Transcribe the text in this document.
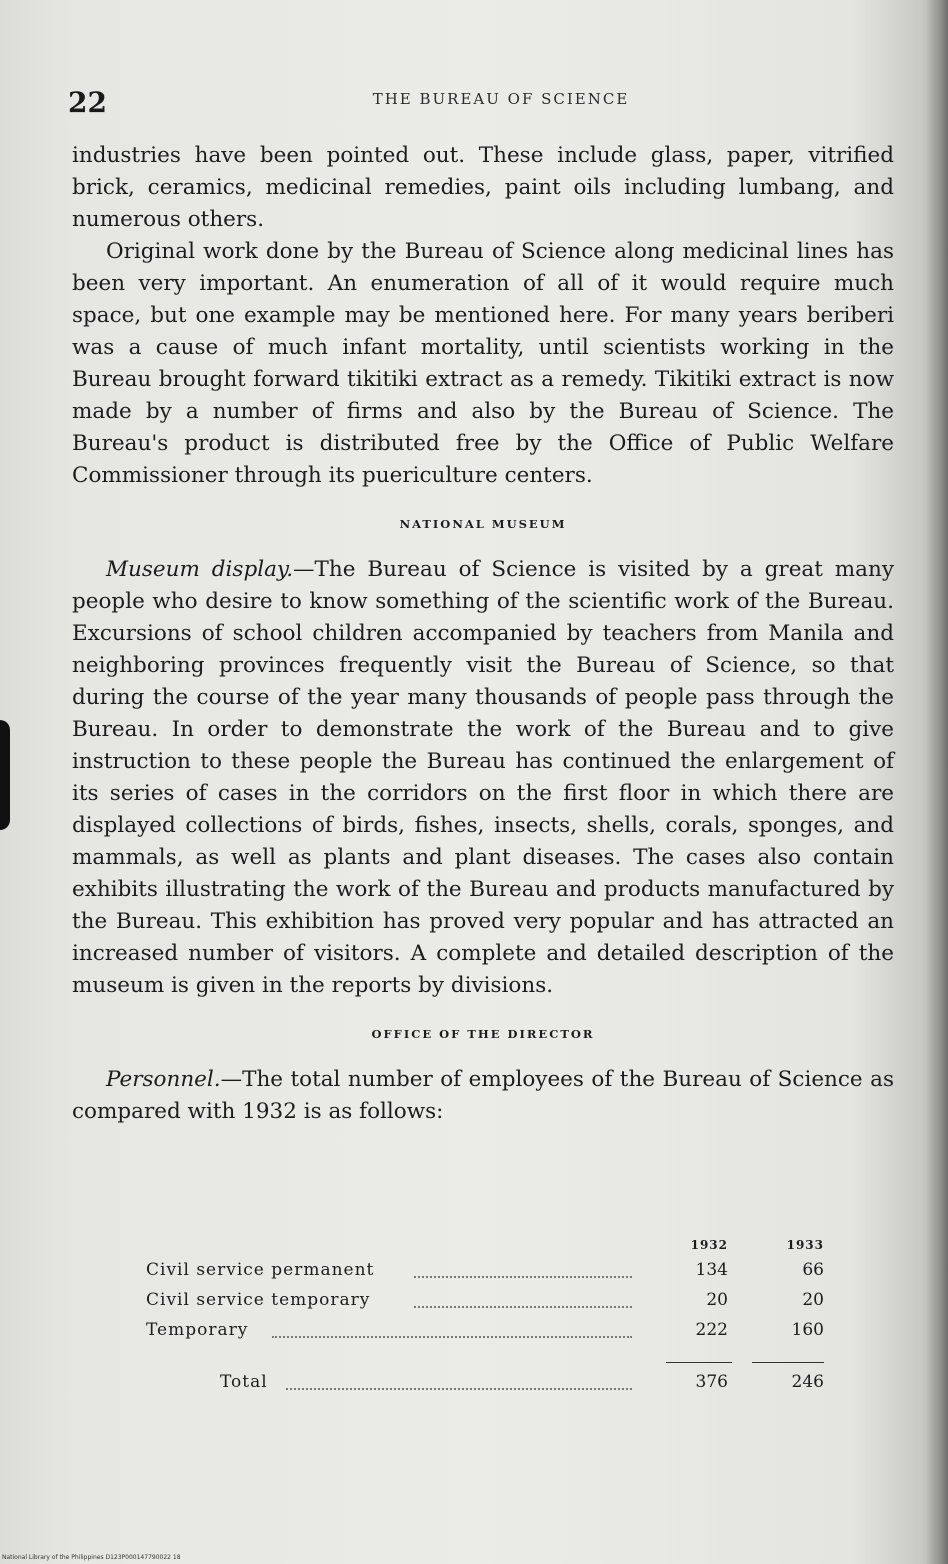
22	THE BUREAU OF SCIENCE

industries have been pointed out. These include glass, paper, vitrified brick, ceramics, medicinal remedies, paint oils including lumbang, and numerous others.

Original work done by the Bureau of Science along medicinal lines has been very important. An enumeration of all of it would require much space, but one example may be mentioned here. For many years beriberi was a cause of much infant mortality, until scientists working in the Bureau brought forward tikitiki extract as a remedy. Tikitiki extract is now made by a number of firms and also by the Bureau of Science. The Bureau's product is distributed free by the Office of Public Welfare Commissioner through its puericulture centers.

NATIONAL MUSEUM

Museum display.—The Bureau of Science is visited by a great many people who desire to know something of the scientific work of the Bureau. Excursions of school children accompanied by teachers from Manila and neighboring provinces frequently visit the Bureau of Science, so that during the course of the year many thousands of people pass through the Bureau. In order to demonstrate the work of the Bureau and to give instruction to these people the Bureau has continued the enlargement of its series of cases in the corridors on the first floor in which there are displayed collections of birds, fishes, insects, shells, corals, sponges, and mammals, as well as plants and plant diseases. The cases also contain exhibits illustrating the work of the Bureau and products manufactured by the Bureau. This exhibition has proved very popular and has attracted an increased number of visitors. A complete and detailed description of the museum is given in the reports by divisions.

OFFICE OF THE DIRECTOR

Personnel.—The total number of employees of the Bureau of Science as compared with 1932 is as follows:

1932	1933
Civil service permanent	134	66
Civil service temporary	20	20
Temporary	222	160
Total	376	246
National Library of the Philippines D123P000147790022 18
